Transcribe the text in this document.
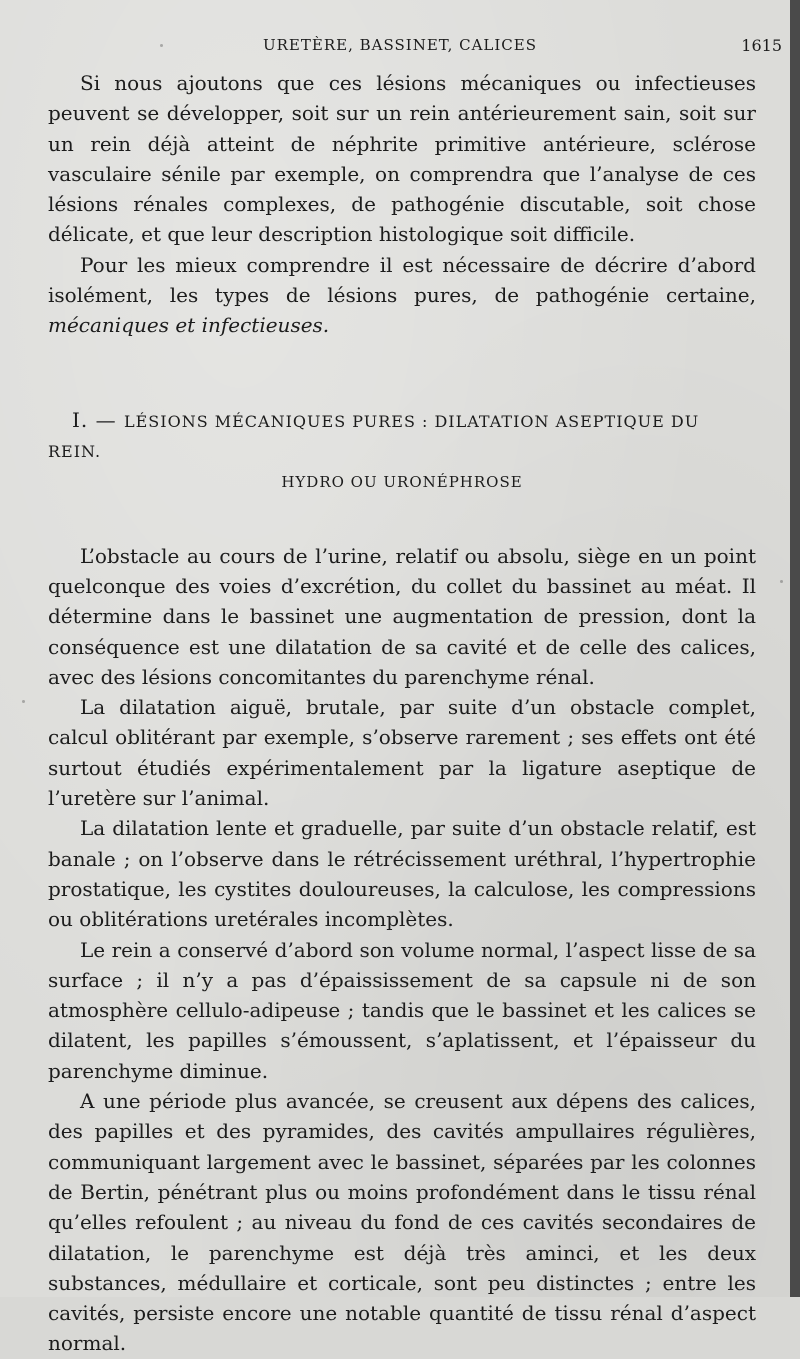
URETÈRE, BASSINET, CALICES	1615

Si nous ajoutons que ces lésions mécaniques ou infectieuses peuvent se développer, soit sur un rein antérieurement sain, soit sur un rein déjà atteint de néphrite primitive antérieure, sclérose vasculaire sénile par exemple, on comprendra que l’analyse de ces lésions rénales complexes, de pathogénie discutable, soit chose délicate, et que leur description histologique soit difficile.

Pour les mieux comprendre il est nécessaire de décrire d’abord isolément, les types de lésions pures, de pathogénie certaine, mécaniques et infectieuses.

I. — LÉSIONS MÉCANIQUES PURES : DILATATION ASEPTIQUE DU REIN.

HYDRO OU URONÉPHROSE

L’obstacle au cours de l’urine, relatif ou absolu, siège en un point quelconque des voies d’excrétion, du collet du bassinet au méat. Il détermine dans le bassinet une augmentation de pression, dont la conséquence est une dilatation de sa cavité et de celle des calices, avec des lésions concomitantes du parenchyme rénal.

La dilatation aiguë, brutale, par suite d’un obstacle complet, calcul oblitérant par exemple, s’observe rarement ; ses effets ont été surtout étudiés expérimentalement par la ligature aseptique de l’uretère sur l’animal.

La dilatation lente et graduelle, par suite d’un obstacle relatif, est banale ; on l’observe dans le rétrécissement uréthral, l’hypertrophie prostatique, les cystites douloureuses, la calculose, les compressions ou oblitérations uretérales incomplètes.

Le rein a conservé d’abord son volume normal, l’aspect lisse de sa surface ; il n’y a pas d’épaississement de sa capsule ni de son atmosphère cellulo-adipeuse ; tandis que le bassinet et les calices se dilatent, les papilles s’émoussent, s’aplatissent, et l’épaisseur du parenchyme diminue.

A une période plus avancée, se creusent aux dépens des calices, des papilles et des pyramides, des cavités ampullaires régulières, communiquant largement avec le bassinet, séparées par les colonnes de Bertin, pénétrant plus ou moins profondément dans le tissu rénal qu’elles refoulent ; au niveau du fond de ces cavités secondaires de dilatation, le parenchyme est déjà très aminci, et les deux substances, médullaire et corticale, sont peu distinctes ; entre les cavités, persiste encore une notable quantité de tissu rénal d’aspect normal.
